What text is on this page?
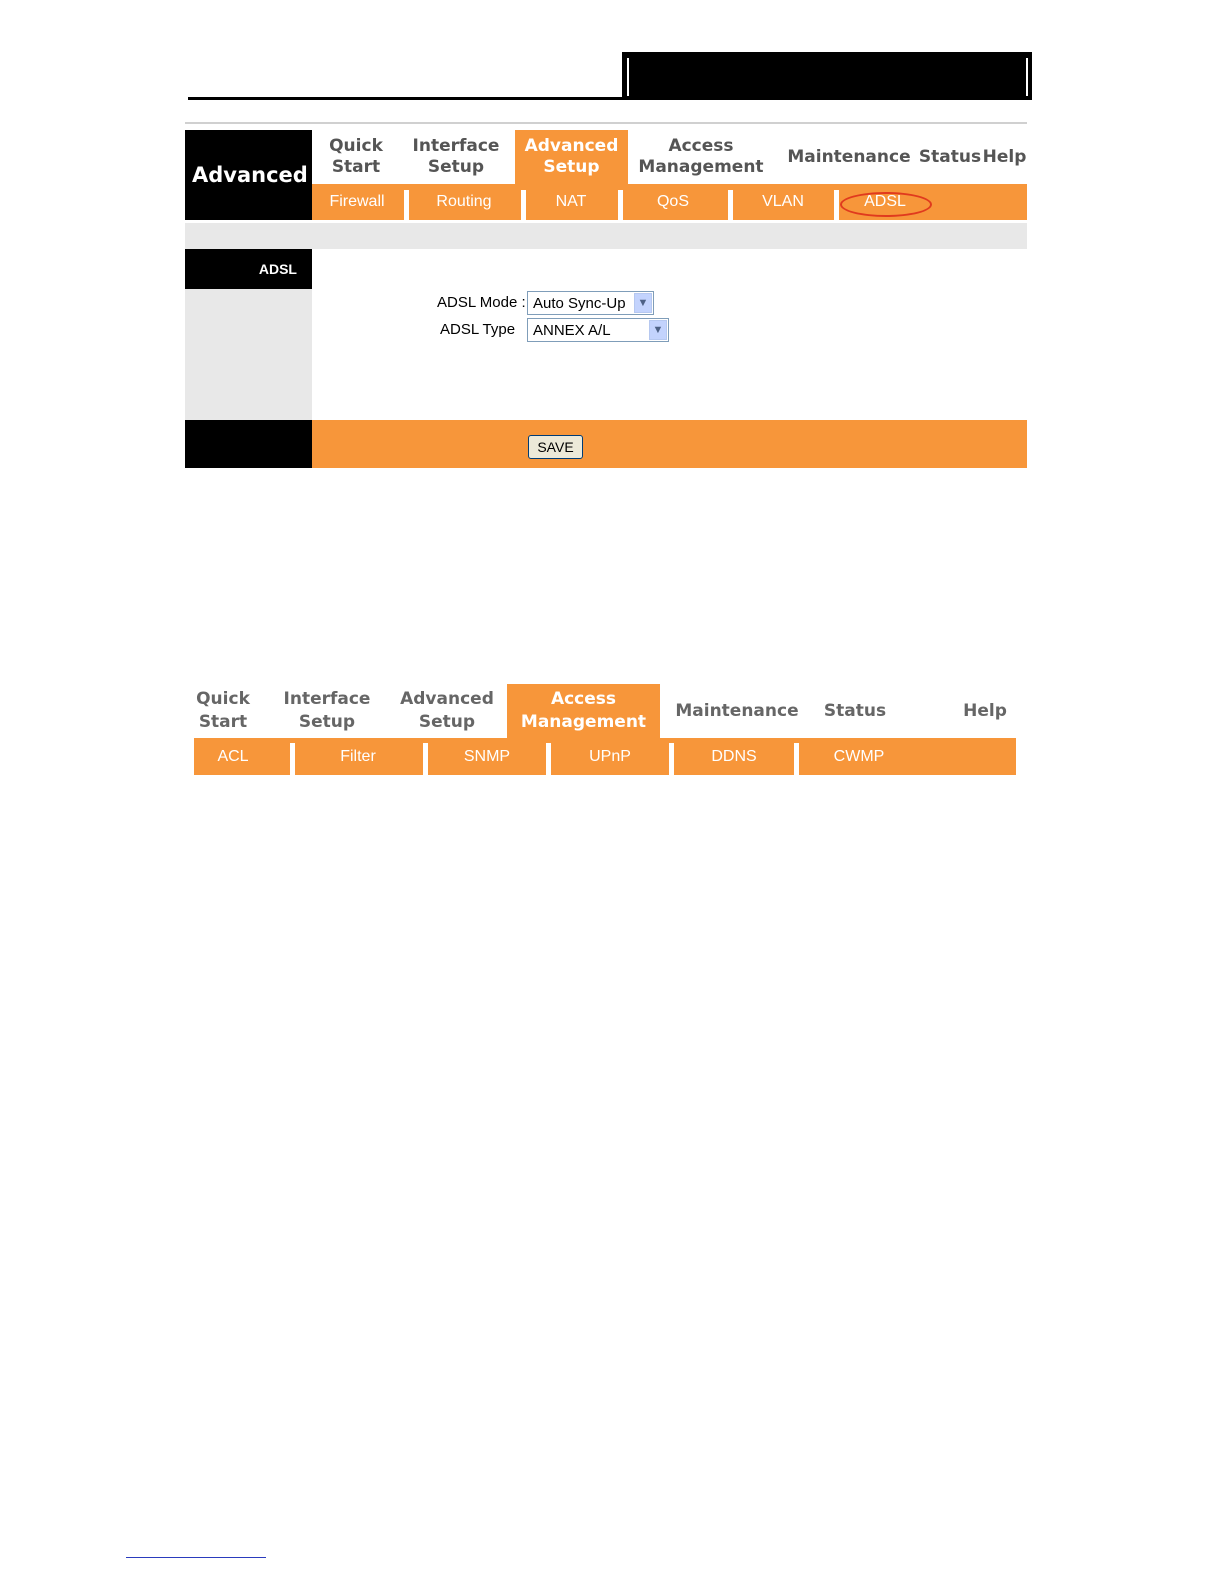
Advanced
Quick
Start
Interface
Setup
Advanced
Setup
Access
Management
Maintenance Status Help
Firewall	Routing	NAT	QoS	VLAN	ADSL
ADSL
ADSL Mode : Auto Sync-Up	▼
ADSL Type ANNEX A/L	▼
SAVE
Quick
Start
Interface
Setup
Advanced
Setup
Access
Management
Maintenance	Status	Help
ACL	Filter	SNMP	UPnP	DDNS	CWMP
